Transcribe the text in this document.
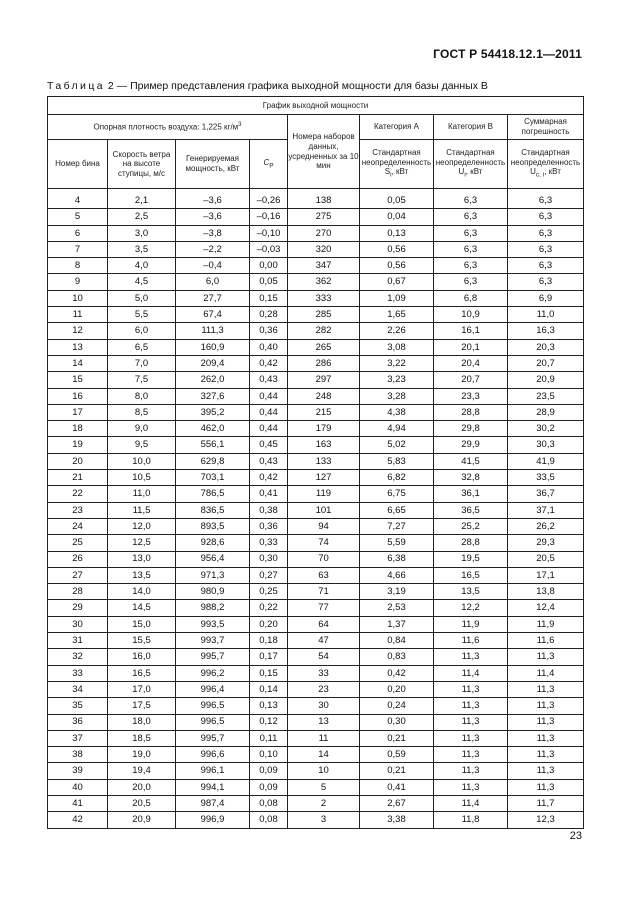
ГОСТ Р 54418.12.1—2011
Таблица 2 — Пример представления графика выходной мощности для базы данных В
График выходной мощности							
Опорная плотность воздуха: 1,225 $кг/м^3$				Номера наборов данных, усредненных за 10 мин	Категория А	Категория В	Суммарная погрешность
Номер бина	Скорость ветра на высоте ступицы, м/с	Генерируемая мощность, кВт	$C_P$		Стандартная неопределенность $S_i$, кВт	Стандартная неопределенность $U_i$, кВт	Стандартная неопределенность $U_{c, i}$, кВт
4	2,1	–3,6	–0,26	138	0,05	6,3	6,3
5	2,5	–3,6	–0,16	275	0,04	6,3	6,3
6	3,0	–3,8	–0,10	270	0,13	6,3	6,3
7	3,5	–2,2	–0,03	320	0,56	6,3	6,3
8	4,0	–0,4	0,00	347	0,56	6,3	6,3
9	4,5	6,0	0,05	362	0,67	6,3	6,3
10	5,0	27,7	0,15	333	1,09	6,8	6,9
11	5,5	67,4	0,28	285	1,65	10,9	11,0
12	6,0	111,3	0,36	282	2,26	16,1	16,3
13	6,5	160,9	0,40	265	3,08	20,1	20,3
14	7,0	209,4	0,42	286	3,22	20,4	20,7
15	7,5	262,0	0,43	297	3,23	20,7	20,9
16	8,0	327,6	0,44	248	3,28	23,3	23,5
17	8,5	395,2	0,44	215	4,38	28,8	28,9
18	9,0	462,0	0,44	179	4,94	29,8	30,2
19	9,5	556,1	0,45	163	5,02	29,9	30,3
20	10,0	629,8	0,43	133	5,83	41,5	41,9
21	10,5	703,1	0,42	127	6,82	32,8	33,5
22	11,0	786,5	0,41	119	6,75	36,1	36,7
23	11,5	836,5	0,38	101	6,65	36,5	37,1
24	12,0	893,5	0,36	94	7,27	25,2	26,2
25	12,5	928,6	0,33	74	5,59	28,8	29,3
26	13,0	956,4	0,30	70	6,38	19,5	20,5
27	13,5	971,3	0,27	63	4,66	16,5	17,1
28	14,0	980,9	0,25	71	3,19	13,5	13,8
29	14,5	988,2	0,22	77	2,53	12,2	12,4
30	15,0	993,5	0,20	64	1,37	11,9	11,9
31	15,5	993,7	0,18	47	0,84	11,6	11,6
32	16,0	995,7	0,17	54	0,83	11,3	11,3
33	16,5	996,2	0,15	33	0,42	11,4	11,4
34	17,0	996,4	0,14	23	0,20	11,3	11,3
35	17,5	996,5	0,13	30	0,24	11,3	11,3
36	18,0	996,5	0,12	13	0,30	11,3	11,3
37	18,5	995,7	0,11	11	0,21	11,3	11,3
38	19,0	996,6	0,10	14	0,59	11,3	11,3
39	19,4	996,1	0,09	10	0,21	11,3	11,3
40	20,0	994,1	0,09	5	0,41	11,3	11,3
41	20,5	987,4	0,08	2	2,67	11,4	11,7
42	20,9	996,9	0,08	3	3,38	11,8	12,3
23
